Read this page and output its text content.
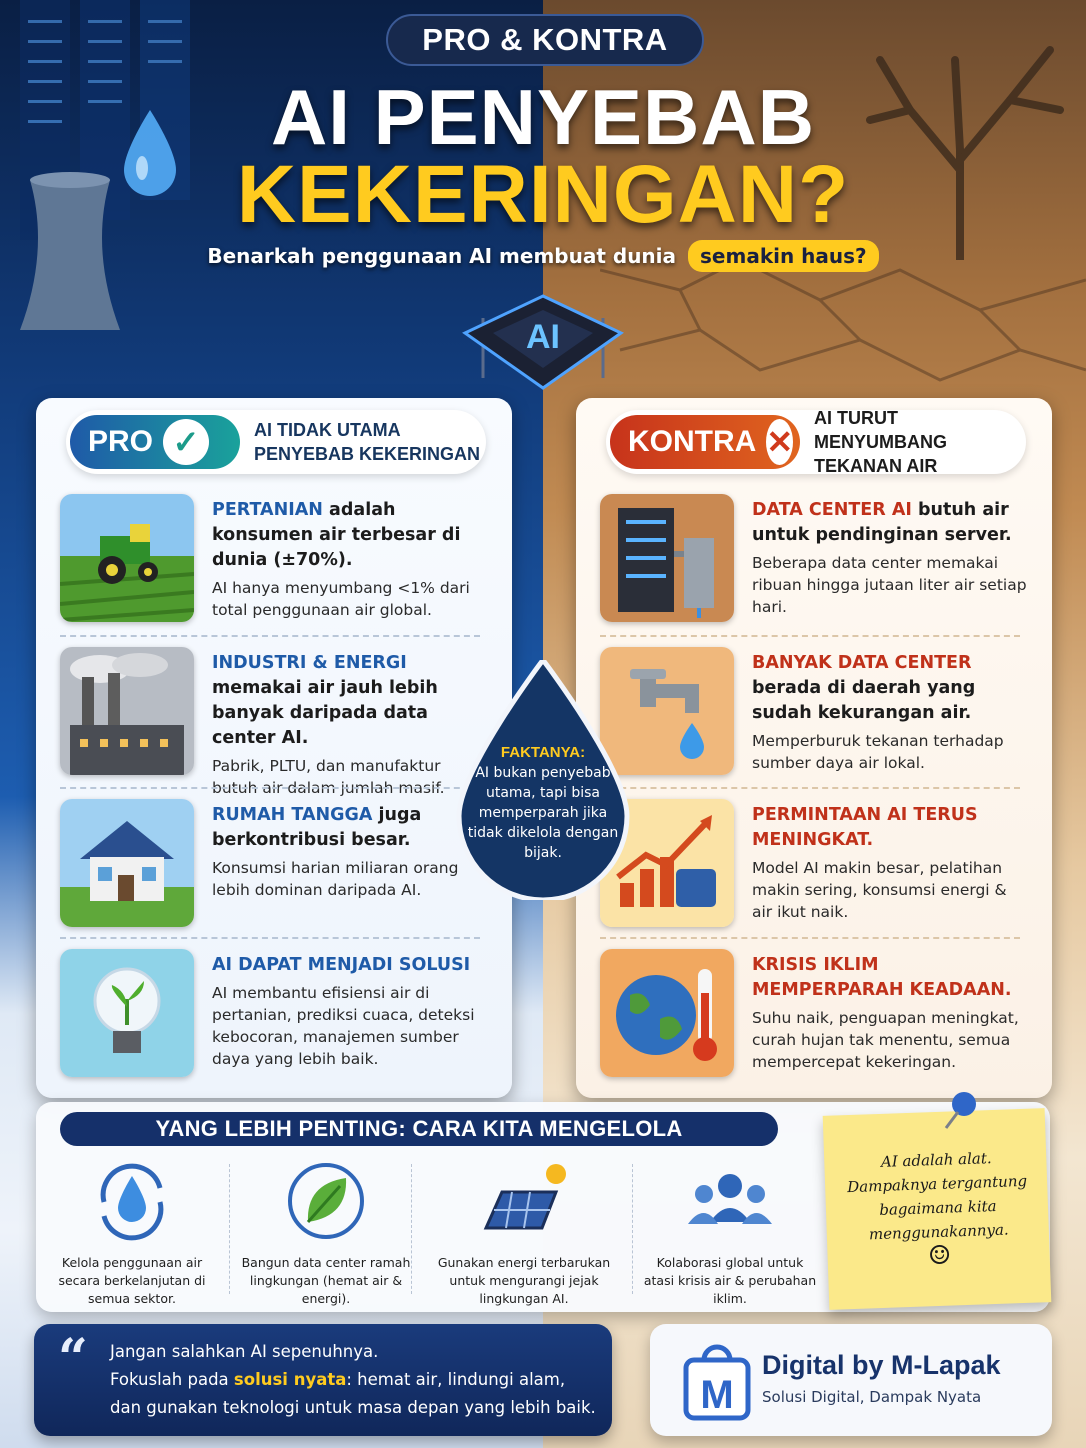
PRO & KONTRA
AI PENYEBAB
KEKERINGAN?
Benarkah penggunaan AI membuat dunia	semakin haus?
AI
PRO ✓	AI TIDAK UTAMA
PENYEBAB KEKERINGAN
PERTANIAN adalah konsumen air terbesar di dunia (±70%).
AI hanya menyumbang <1% dari total penggunaan air global.
INDUSTRI & ENERGI memakai air jauh lebih banyak daripada data center AI.
Pabrik, PLTU, dan manufaktur butuh air dalam jumlah masif.
RUMAH TANGGA juga berkontribusi besar.
Konsumsi harian miliaran orang lebih dominan daripada AI.
AI DAPAT MENJADI SOLUSI
AI membantu efisiensi air di pertanian, prediksi cuaca, deteksi kebocoran, manajemen sumber daya yang lebih baik.
KONTRA ✕
AI TURUT MENYUMBANG
TEKANAN AIR
DATA CENTER AI butuh air untuk pendinginan server.
Beberapa data center memakai ribuan hingga jutaan liter air setiap hari.
BANYAK DATA CENTER berada di daerah yang sudah kekurangan air.
Memperburuk tekanan terhadap sumber daya air lokal.
PERMINTAAN AI TERUS MENINGKAT.
Model AI makin besar, pelatihan makin sering, konsumsi energi & air ikut naik.
KRISIS IKLIM MEMPERPARAH KEADAAN.
Suhu naik, penguapan meningkat, curah hujan tak menentu, semua mempercepat kekeringan.
FAKTANYA:
AI bukan penyebab utama, tapi bisa memperparah jika tidak dikelola dengan bijak.
YANG LEBIH PENTING: CARA KITA MENGELOLA
Kelola penggunaan air secara berkelanjutan di semua sektor.
Bangun data center ramah lingkungan (hemat air & energi).
Gunakan energi terbarukan untuk mengurangi jejak lingkungan AI.
Kolaborasi global untuk atasi krisis air & perubahan iklim.
AI adalah alat. Dampaknya tergantung bagaimana kita menggunakannya.
☺
“ Jangan salahkan AI sepenuhnya.
Fokuslah pada solusi nyata: hemat air, lindungi alam,
dan gunakan teknologi untuk masa depan yang lebih baik.	M
Digital by M-Lapak
Solusi Digital, Dampak Nyata
